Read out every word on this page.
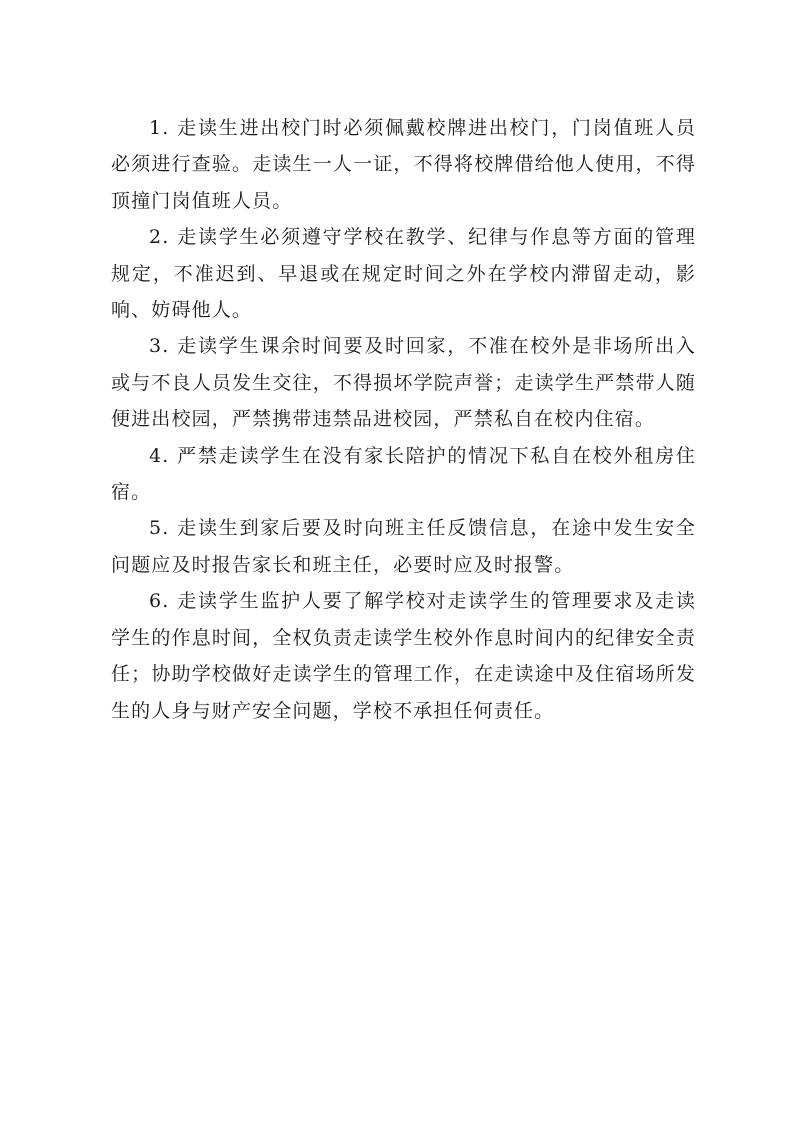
1. 走读生进出校门时必须佩戴校牌进出校门，门岗值班人员必须进行查验。走读生一人一证，不得将校牌借给他人使用，不得顶撞门岗值班人员。

2. 走读学生必须遵守学校在教学、纪律与作息等方面的管理规定，不准迟到、早退或在规定时间之外在学校内滞留走动，影响、妨碍他人。

3. 走读学生课余时间要及时回家，不准在校外是非场所出入或与不良人员发生交往，不得损坏学院声誉；走读学生严禁带人随便进出校园，严禁携带违禁品进校园，严禁私自在校内住宿。

4. 严禁走读学生在没有家长陪护的情况下私自在校外租房住宿。

5. 走读生到家后要及时向班主任反馈信息，在途中发生安全问题应及时报告家长和班主任，必要时应及时报警。

6. 走读学生监护人要了解学校对走读学生的管理要求及走读学生的作息时间，全权负责走读学生校外作息时间内的纪律安全责任；协助学校做好走读学生的管理工作，在走读途中及住宿场所发生的人身与财产安全问题，学校不承担任何责任。
